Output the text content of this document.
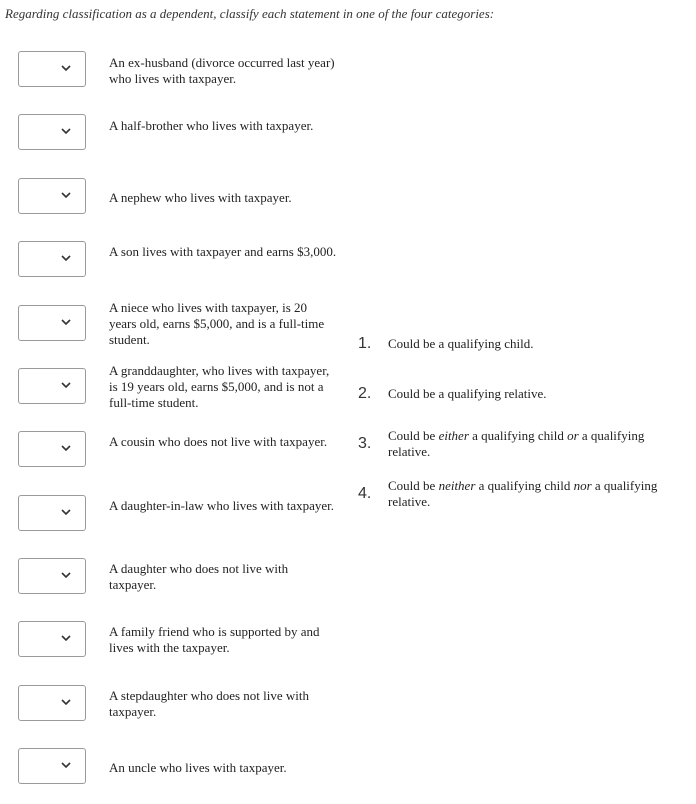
Regarding classification as a dependent, classify each statement in one of the four categories:
An ex-husband (divorce occurred last year) who lives with taxpayer.
A half-brother who lives with taxpayer.
A nephew who lives with taxpayer.
A son lives with taxpayer and earns $3,000.
A niece who lives with taxpayer, is 20 years old, earns $5,000, and is a full-time student.
A granddaughter, who lives with taxpayer, is 19 years old, earns $5,000, and is not a full-time student.
A cousin who does not live with taxpayer.
A daughter-in-law who lives with taxpayer.
A daughter who does not live with taxpayer.
A family friend who is supported by and lives with the taxpayer.
A stepdaughter who does not live with taxpayer.
An uncle who lives with taxpayer.
1. Could be a qualifying child.
2. Could be a qualifying relative.
3. Could be either a qualifying child or a qualifying relative.
4. Could be neither a qualifying child nor a qualifying relative.
